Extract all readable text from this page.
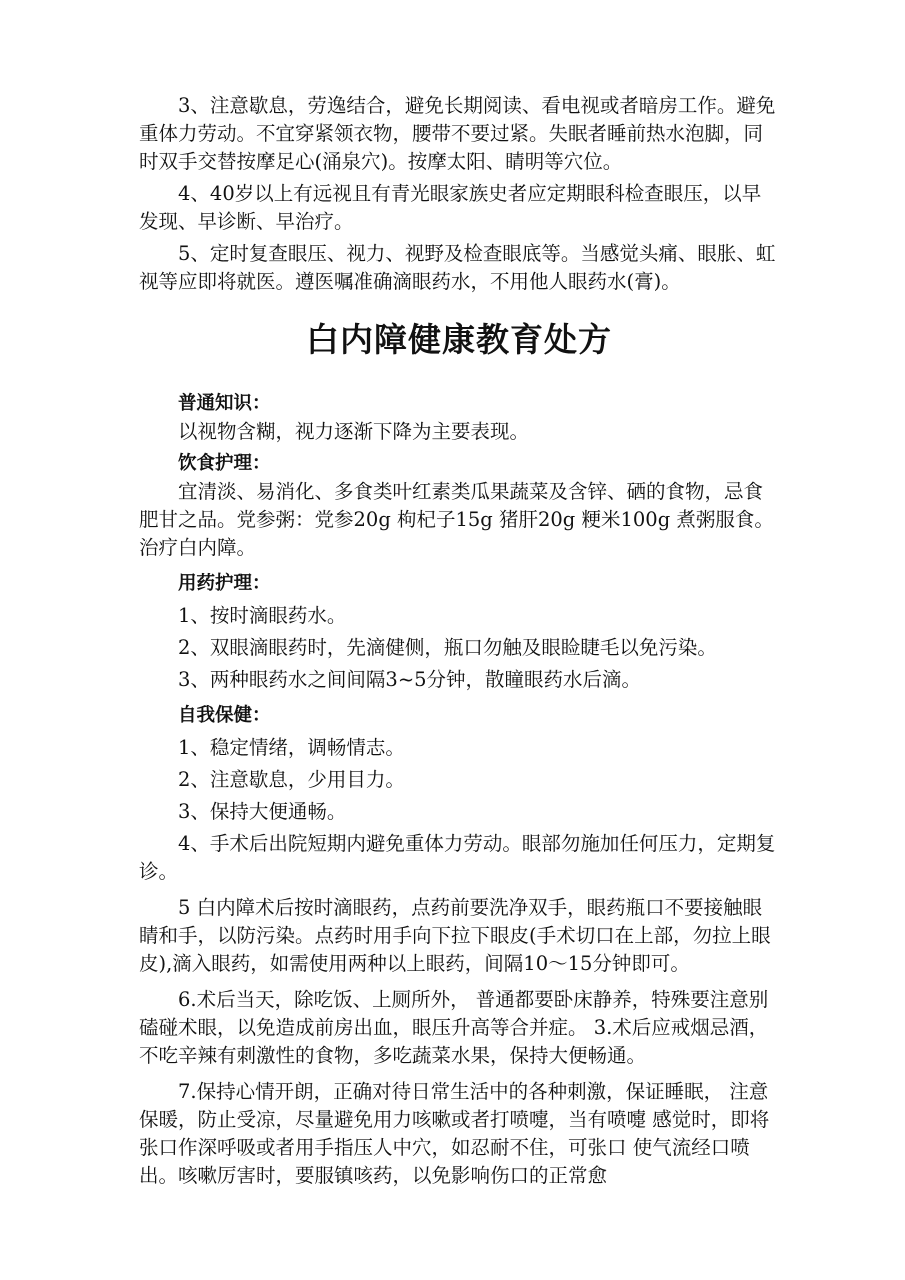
3、注意歇息，劳逸结合，避免长期阅读、看电视或者暗房工作。避免重体力劳动。不宜穿紧领衣物，腰带不要过紧。失眠者睡前热水泡脚，同时双手交替按摩足心(涌泉穴)。按摩太阳、睛明等穴位。

4、40岁以上有远视且有青光眼家族史者应定期眼科检查眼压，以早发现、早诊断、早治疗。

5、定时复查眼压、视力、视野及检查眼底等。当感觉头痛、眼胀、虹视等应即将就医。遵医嘱准确滴眼药水，不用他人眼药水(膏)。

白内障健康教育处方

普通知识：

以视物含糊，视力逐渐下降为主要表现。

饮食护理：

宜清淡、易消化、多食类叶红素类瓜果蔬菜及含锌、硒的食物，忌食肥甘之品。党参粥：党参20g 枸杞子15g 猪肝20g 粳米100g 煮粥服食。治疗白内障。

用药护理：

1、按时滴眼药水。

2、双眼滴眼药时，先滴健侧，瓶口勿触及眼睑睫毛以免污染。

3、两种眼药水之间间隔3~5分钟，散瞳眼药水后滴。

自我保健：

1、稳定情绪，调畅情志。

2、注意歇息，少用目力。

3、保持大便通畅。

4、手术后出院短期内避免重体力劳动。眼部勿施加任何压力，定期复诊。

5 白内障术后按时滴眼药，点药前要洗净双手，眼药瓶口不要接触眼睛和手，以防污染。点药时用手向下拉下眼皮(手术切口在上部，勿拉上眼皮),滴入眼药，如需使用两种以上眼药，间隔10～15分钟即可。

6.术后当天，除吃饭、上厕所外， 普通都要卧床静养，特殊要注意别磕碰术眼，以免造成前房出血，眼压升高等合并症。 3.术后应戒烟忌酒，不吃辛辣有刺激性的食物，多吃蔬菜水果，保持大便畅通。

7.保持心情开朗，正确对待日常生活中的各种刺激，保证睡眠， 注意保暖，防止受凉，尽量避免用力咳嗽或者打喷嚏，当有喷嚏 感觉时，即将张口作深呼吸或者用手指压人中穴，如忍耐不住，可张口 使气流经口喷出。咳嗽厉害时，要服镇咳药，以免影响伤口的正常愈
